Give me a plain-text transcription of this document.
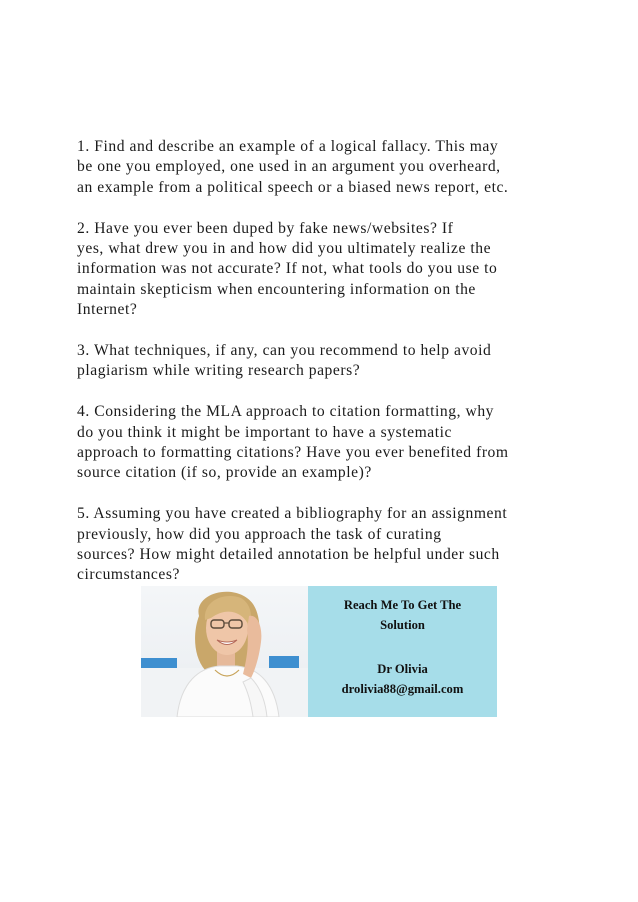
1. Find and describe an example of a logical fallacy. This may
be one you employed, one used in an argument you overheard,
an example from a political speech or a biased news report, etc.
2. Have you ever been duped by fake news/websites? If
yes, what drew you in and how did you ultimately realize the
information was not accurate? If not, what tools do you use to
maintain skepticism when encountering information on the
Internet?
3. What techniques, if any, can you recommend to help avoid
plagiarism while writing research papers?
4. Considering the MLA approach to citation formatting, why
do you think it might be important to have a systematic
approach to formatting citations? Have you ever benefited from
source citation (if so, provide an example)?
5. Assuming you have created a bibliography for an assignment
previously, how did you approach the task of curating
sources? How might detailed annotation be helpful under such
circumstances?
Reach Me To Get The
Solution
Dr Olivia
drolivia88@gmail.com
